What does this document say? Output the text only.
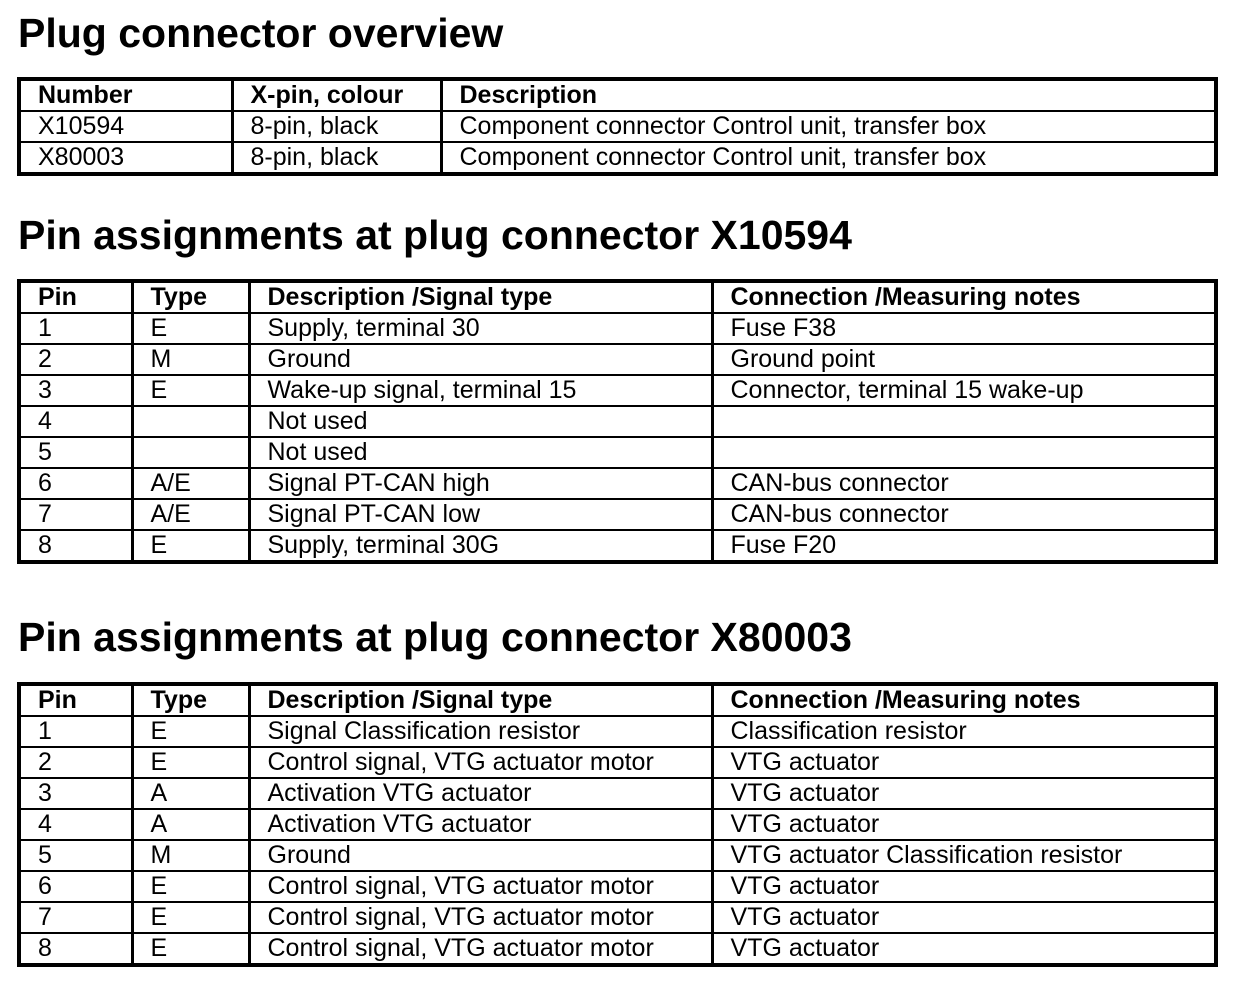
Plug connector overview
Number	X-pin, colour	Description
X10594	8-pin, black	Component connector Control unit, transfer box
X80003	8-pin, black	Component connector Control unit, transfer box
Pin assignments at plug connector X10594
Pin	Type	Description /Signal type	Connection /Measuring notes
1	E	Supply, terminal 30	Fuse F38
2	M	Ground	Ground point
3	E	Wake-up signal, terminal 15	Connector, terminal 15 wake-up
4		Not used	
5		Not used	
6	A/E	Signal PT-CAN high	CAN-bus connector
7	A/E	Signal PT-CAN low	CAN-bus connector
8	E	Supply, terminal 30G	Fuse F20
Pin assignments at plug connector X80003
Pin	Type	Description /Signal type	Connection /Measuring notes
1	E	Signal Classification resistor	Classification resistor
2	E	Control signal, VTG actuator motor	VTG actuator
3	A	Activation VTG actuator	VTG actuator
4	A	Activation VTG actuator	VTG actuator
5	M	Ground	VTG actuator Classification resistor
6	E	Control signal, VTG actuator motor	VTG actuator
7	E	Control signal, VTG actuator motor	VTG actuator
8	E	Control signal, VTG actuator motor	VTG actuator
